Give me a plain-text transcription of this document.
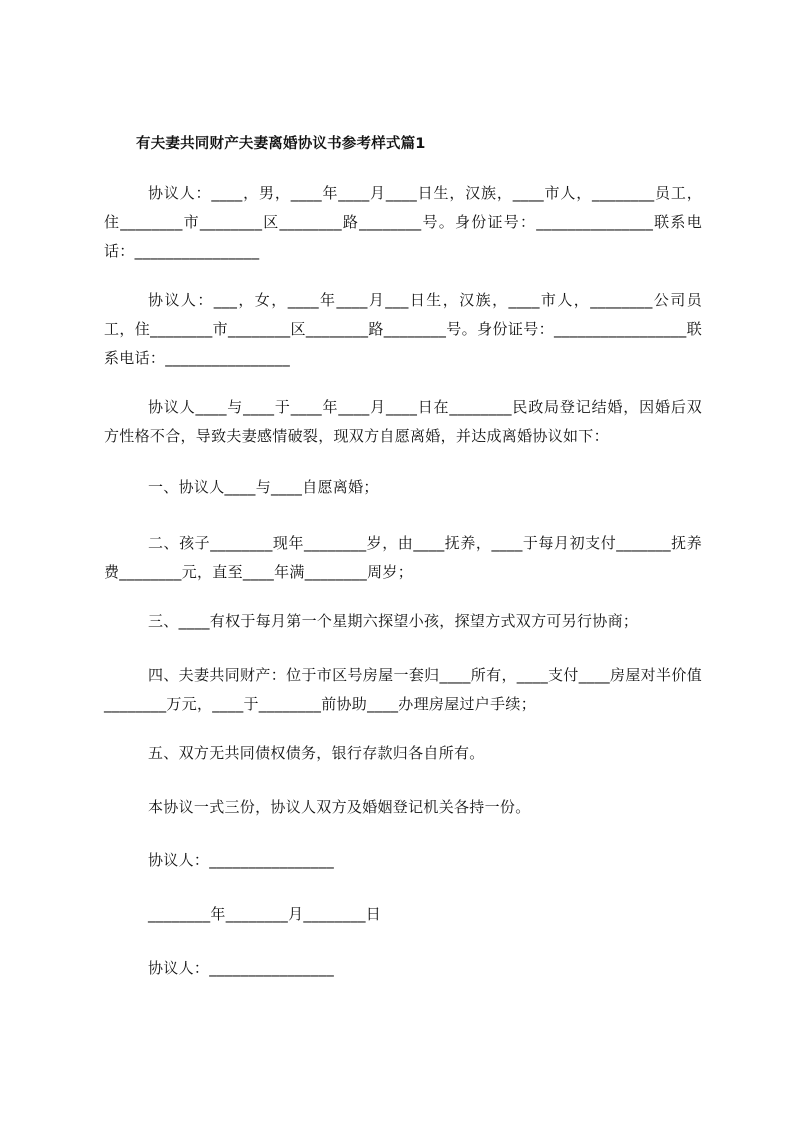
有夫妻共同财产夫妻离婚协议书参考样式篇1
协议人：____，男，____年____月____日生，汉族，____市人，________员工，住________市________区________路________号。身份证号：_______________联系电话：________________
协议人：___，女，____年____月___日生，汉族，____市人，________公司员工，住________市________区________路________号。身份证号：_________________联系电话：________________
协议人____与____于____年____月____日在________民政局登记结婚，因婚后双方性格不合，导致夫妻感情破裂，现双方自愿离婚，并达成离婚协议如下：
一、协议人____与____自愿离婚；
二、孩子________现年________岁，由____抚养，____于每月初支付_______抚养费________元，直至____年满________周岁；
三、____有权于每月第一个星期六探望小孩，探望方式双方可另行协商；
四、夫妻共同财产：位于市区号房屋一套归____所有，____支付____房屋对半价值________万元，____于________前协助____办理房屋过户手续；
五、双方无共同债权债务，银行存款归各自所有。
本协议一式三份，协议人双方及婚姻登记机关各持一份。
协议人：________________
________年________月________日
协议人：________________
